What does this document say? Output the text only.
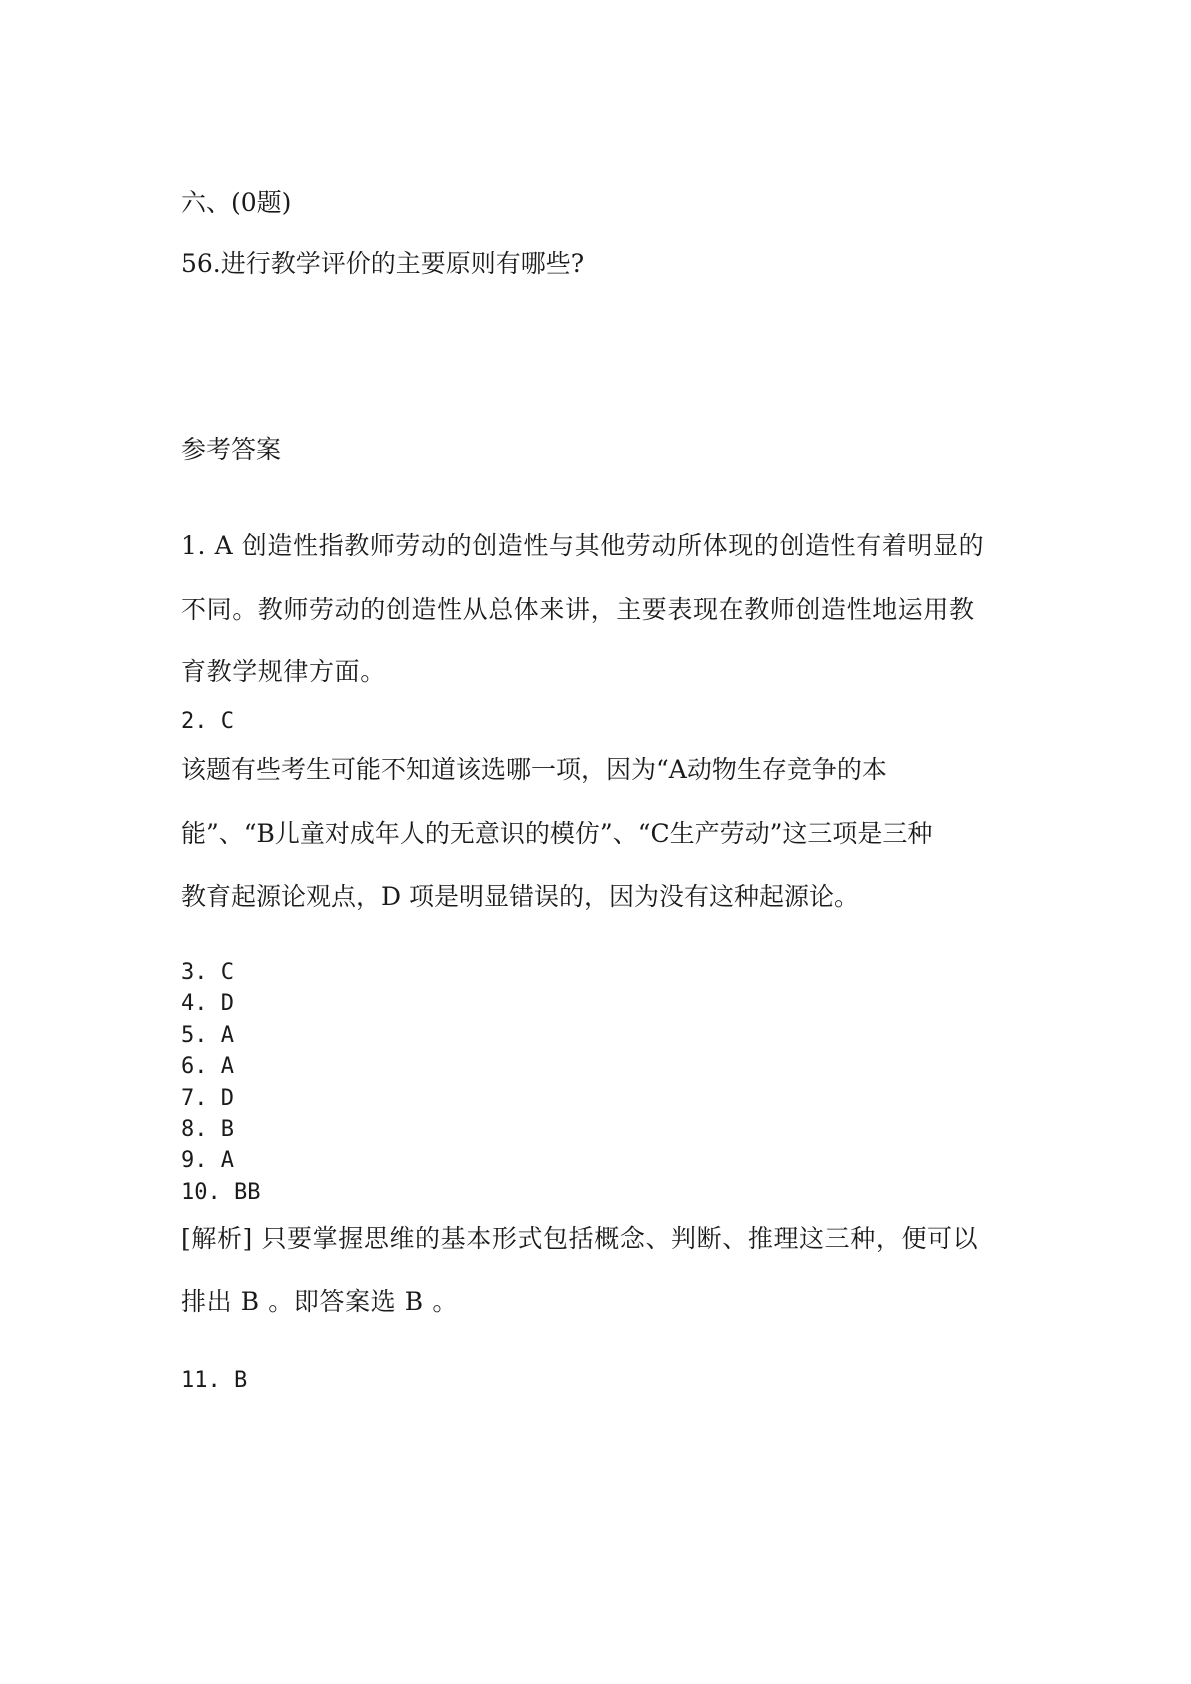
六、(0题)

56.进行教学评价的主要原则有哪些?

参考答案

1. A 创造性指教师劳动的创造性与其他劳动所体现的创造性有着明显的

不同。教师劳动的创造性从总体来讲，主要表现在教师创造性地运用教

育教学规律方面。

2. C

该题有些考生可能不知道该选哪一项，因为“A动物生存竞争的本

能”、“B儿童对成年人的无意识的模仿”、“C生产劳动”这三项是三种

教育起源论观点，D 项是明显错误的，因为没有这种起源论。

3. C

4. D

5. A

6. A

7. D

8. B

9. A

10. BB

[解析] 只要掌握思维的基本形式包括概念、判断、推理这三种，便可以

排出 B 。即答案选 B 。

11. B
